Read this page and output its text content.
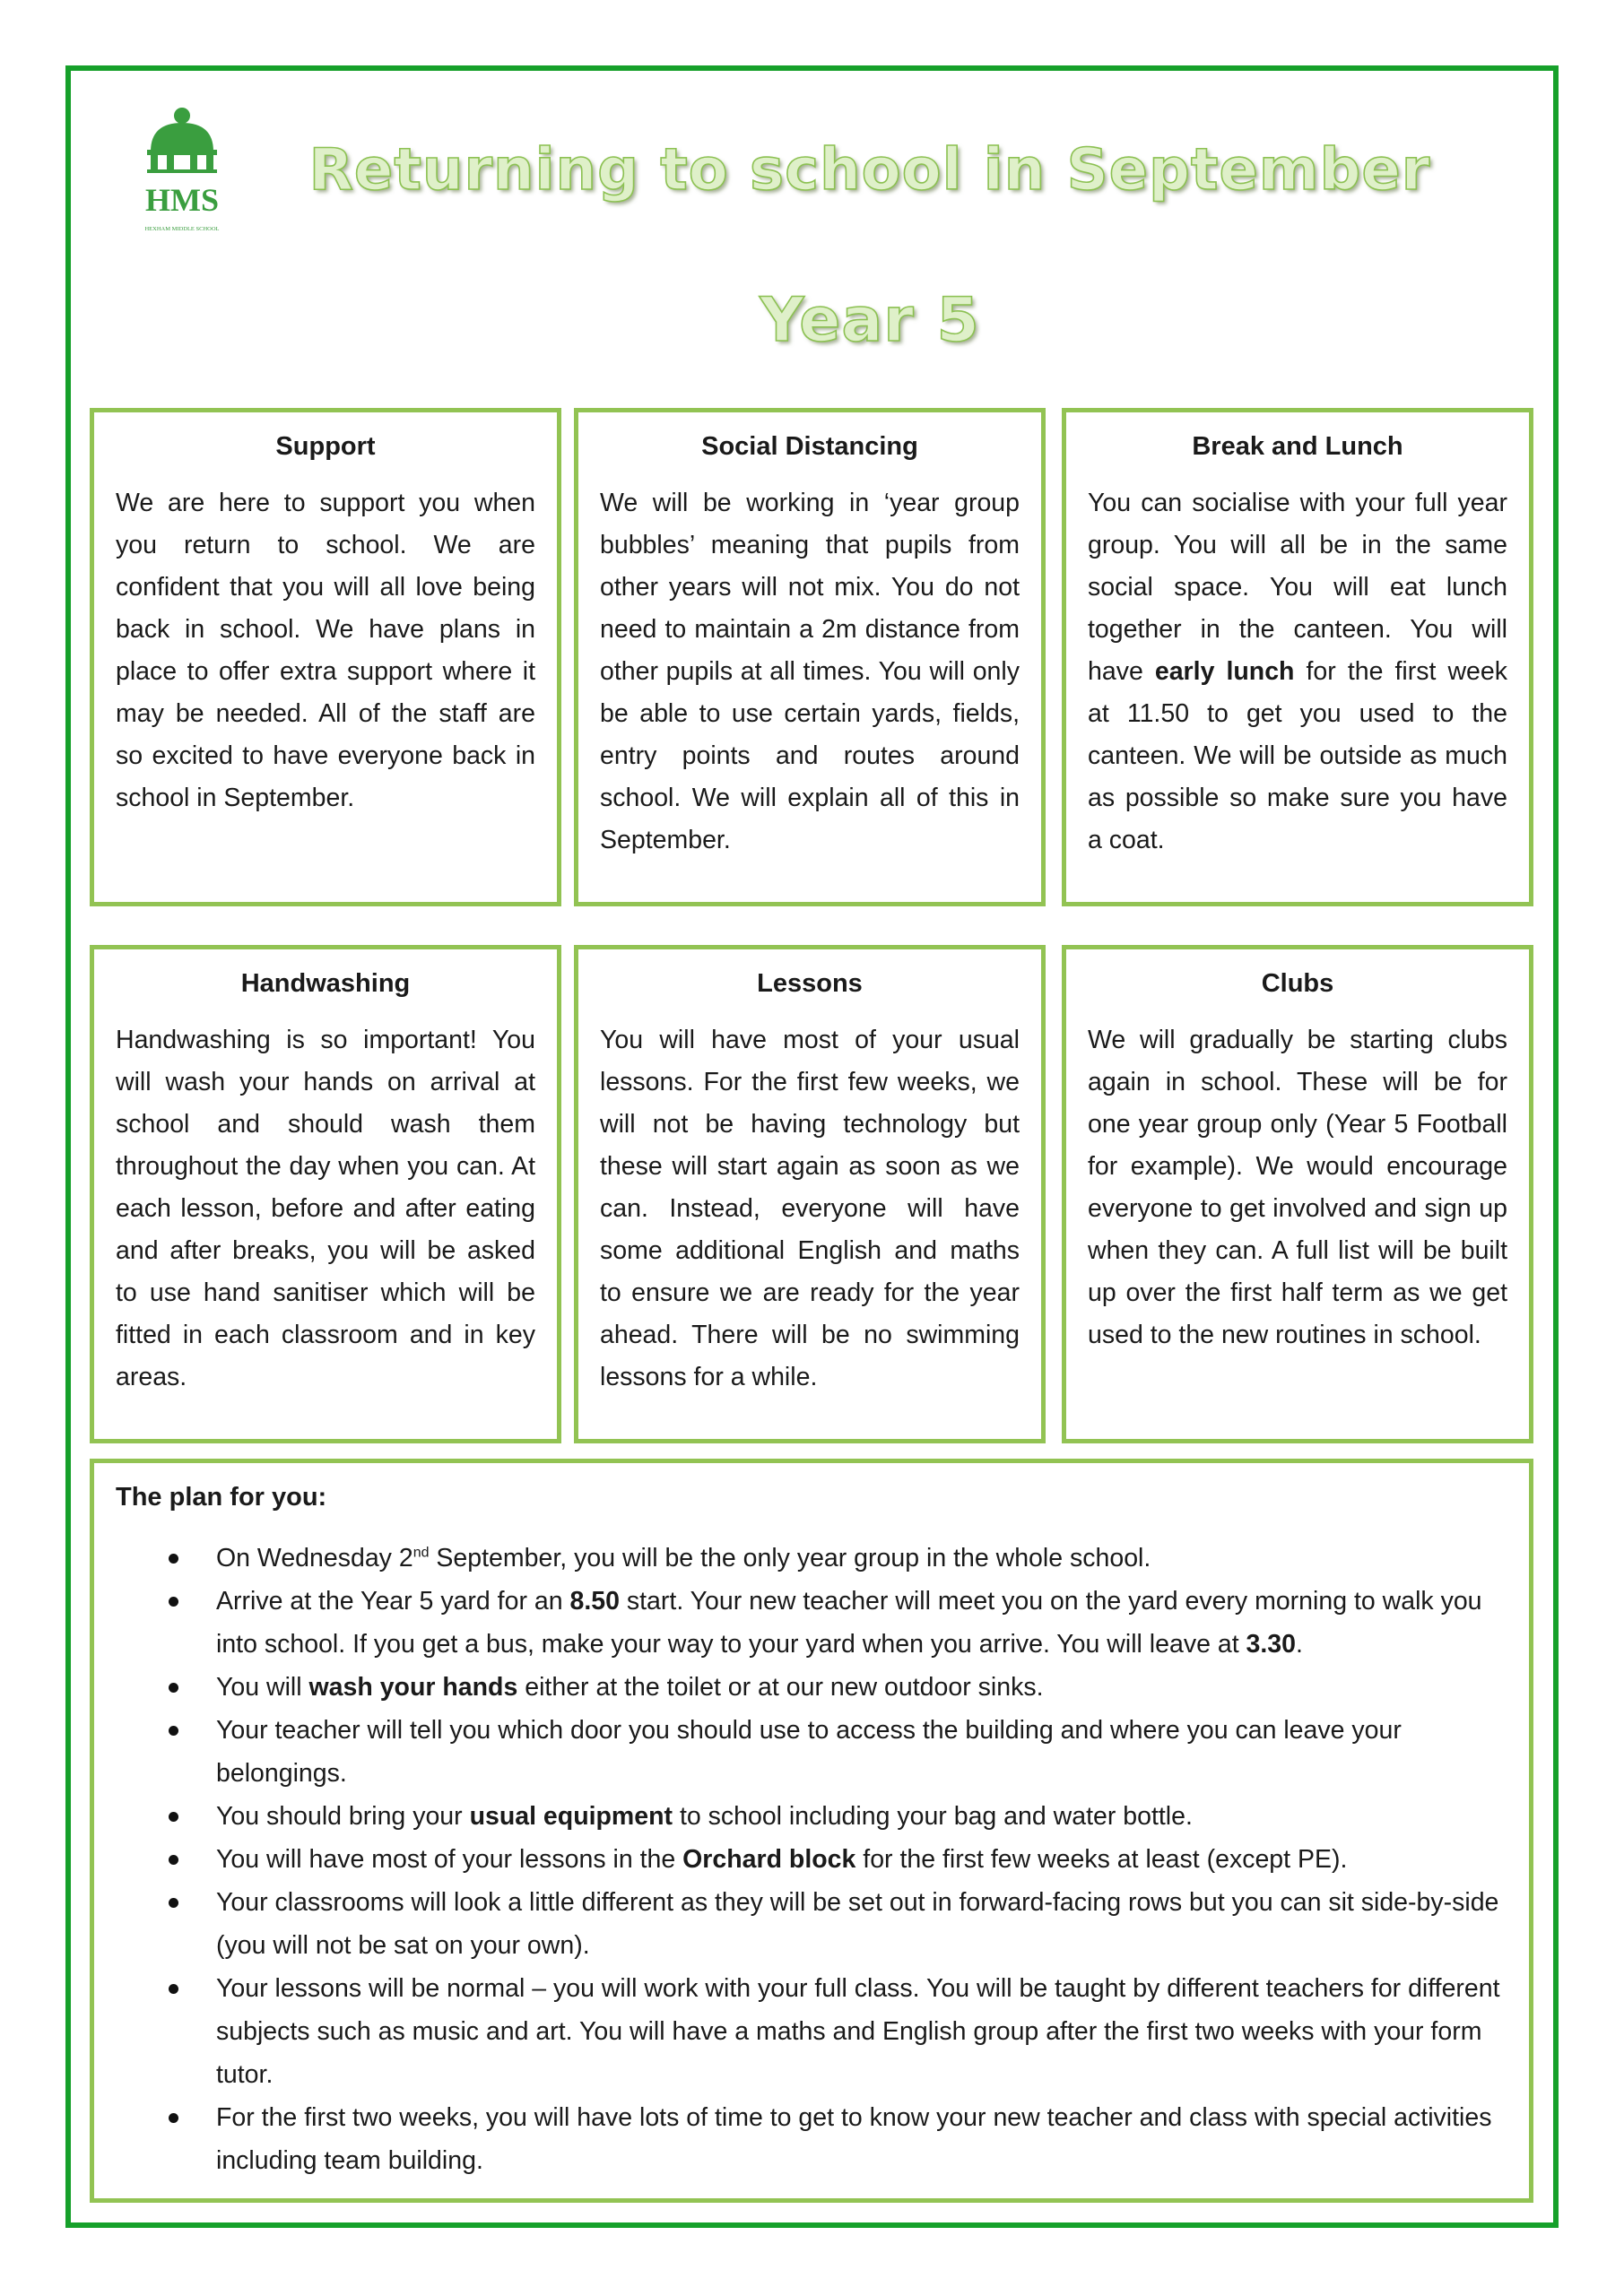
HMS
HEXHAM MIDDLE SCHOOL
Returning to school in September
Year 5
Support

We are here to support you when you return to school. We are confident that you will all love being back in school. We have plans in place to offer extra support where it may be needed. All of the staff are so excited to have everyone back in school in September.

Social Distancing

We will be working in ‘year group bubbles’ meaning that pupils from other years will not mix. You do not need to maintain a 2m distance from other pupils at all times. You will only be able to use certain yards, fields, entry points and routes around school. We will explain all of this in September.

Break and Lunch

You can socialise with your full year group. You will all be in the same social space. You will eat lunch together in the canteen. You will have early lunch for the first week at 11.50 to get you used to the canteen. We will be outside as much as possible so make sure you have a coat.

Handwashing

Handwashing is so important! You will wash your hands on arrival at school and should wash them throughout the day when you can. At each lesson, before and after eating and after breaks, you will be asked to use hand sanitiser which will be fitted in each classroom and in key areas.

Lessons

You will have most of your usual lessons. For the first few weeks, we will not be having technology but these will start again as soon as we can. Instead, everyone will have some additional English and maths to ensure we are ready for the year ahead. There will be no swimming lessons for a while.

Clubs

We will gradually be starting clubs again in school. These will be for one year group only (Year 5 Football for example). We would encourage everyone to get involved and sign up when they can. A full list will be built up over the first half term as we get used to the new routines in school.

The plan for you:
On Wednesday 2nd September, you will be the only year group in the whole school.
Arrive at the Year 5 yard for an 8.50 start. Your new teacher will meet you on the yard every morning to walk you into school. If you get a bus, make your way to your yard when you arrive. You will leave at 3.30.
You will wash your hands either at the toilet or at our new outdoor sinks.
Your teacher will tell you which door you should use to access the building and where you can leave your belongings.
You should bring your usual equipment to school including your bag and water bottle.
You will have most of your lessons in the Orchard block for the first few weeks at least (except PE).
Your classrooms will look a little different as they will be set out in forward-facing rows but you can sit side-by-side (you will not be sat on your own).
Your lessons will be normal – you will work with your full class. You will be taught by different teachers for different subjects such as music and art. You will have a maths and English group after the first two weeks with your form tutor.
For the first two weeks, you will have lots of time to get to know your new teacher and class with special activities including team building.
